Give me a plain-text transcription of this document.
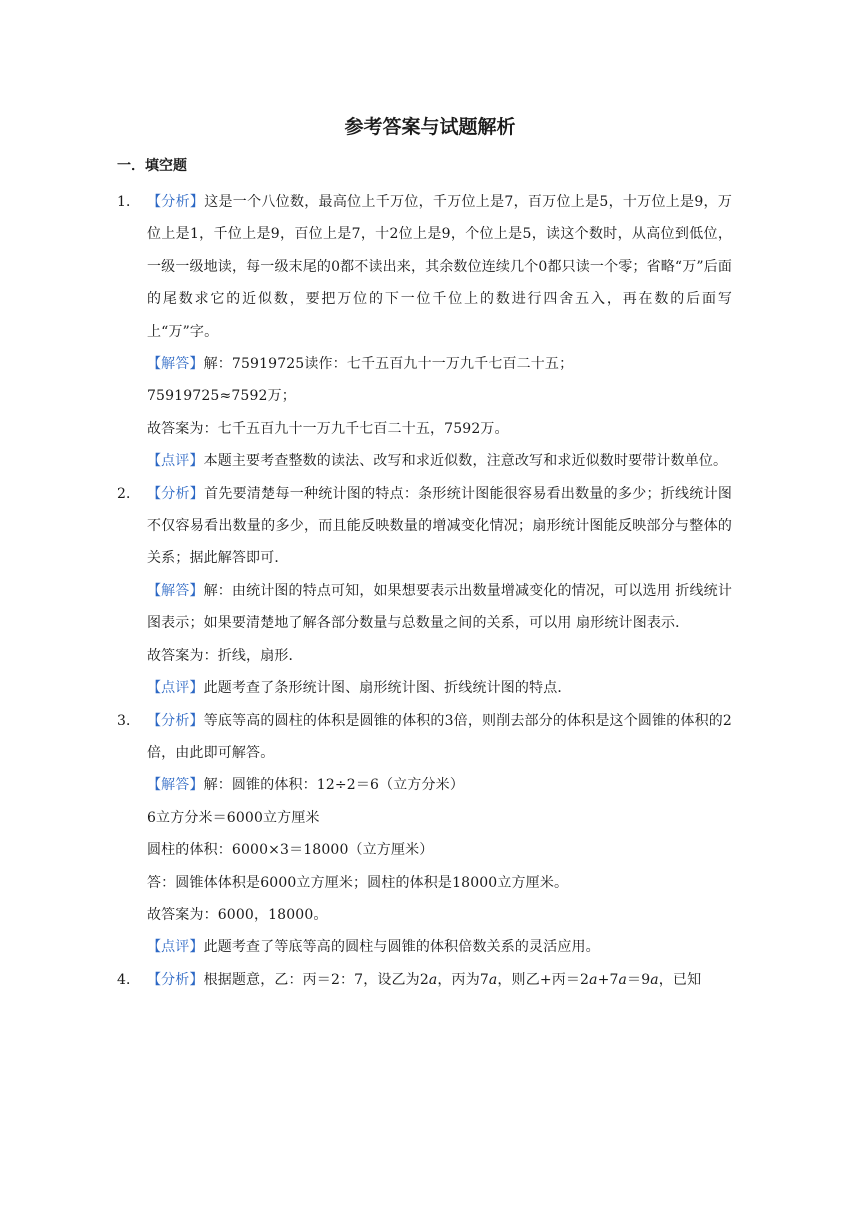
参考答案与试题解析
一．填空题
1． 【分析】这是一个八位数，最高位上千万位，千万位上是7，百万位上是5，十万位上是9，万位上是1，千位上是9，百位上是7，十2位上是9，个位上是5，读这个数时，从高位到低位，一级一级地读，每一级末尾的0都不读出来，其余数位连续几个0都只读一个零；省略“万”后面的尾数求它的近似数，要把万位的下一位千位上的数进行四舍五入，再在数的后面写上“万”字。

【解答】解：75919725读作：七千五百九十一万九千七百二十五；

75919725≈7592万；
故答案为：七千五百九十一万九千七百二十五，7592万。

【点评】本题主要考查整数的读法、改写和求近似数，注意改写和求近似数时要带计数单位。

2． 【分析】首先要清楚每一种统计图的特点：条形统计图能很容易看出数量的多少；折线统计图不仅容易看出数量的多少，而且能反映数量的增减变化情况；扇形统计图能反映部分与整体的关系；据此解答即可．

【解答】解：由统计图的特点可知，如果想要表示出数量增减变化的情况，可以选用 折线统计图表示；如果要清楚地了解各部分数量与总数量之间的关系，可以用 扇形统计图表示．

故答案为：折线，扇形．

【点评】此题考查了条形统计图、扇形统计图、折线统计图的特点．

3． 【分析】等底等高的圆柱的体积是圆锥的体积的3倍，则削去部分的体积是这个圆锥的体积的2倍，由此即可解答。

【解答】解：圆锥的体积：12÷2＝6（立方分米）

6立方分米＝6000立方厘米
圆柱的体积：6000×3＝18000（立方厘米）
答：圆锥体体积是6000立方厘米；圆柱的体积是18000立方厘米。
故答案为：6000，18000。

【点评】此题考查了等底等高的圆柱与圆锥的体积倍数关系的灵活应用。

4． 【分析】根据题意，乙：丙＝2：7，设乙为2a，丙为7a，则乙+丙＝2a+7a＝9a，已知
